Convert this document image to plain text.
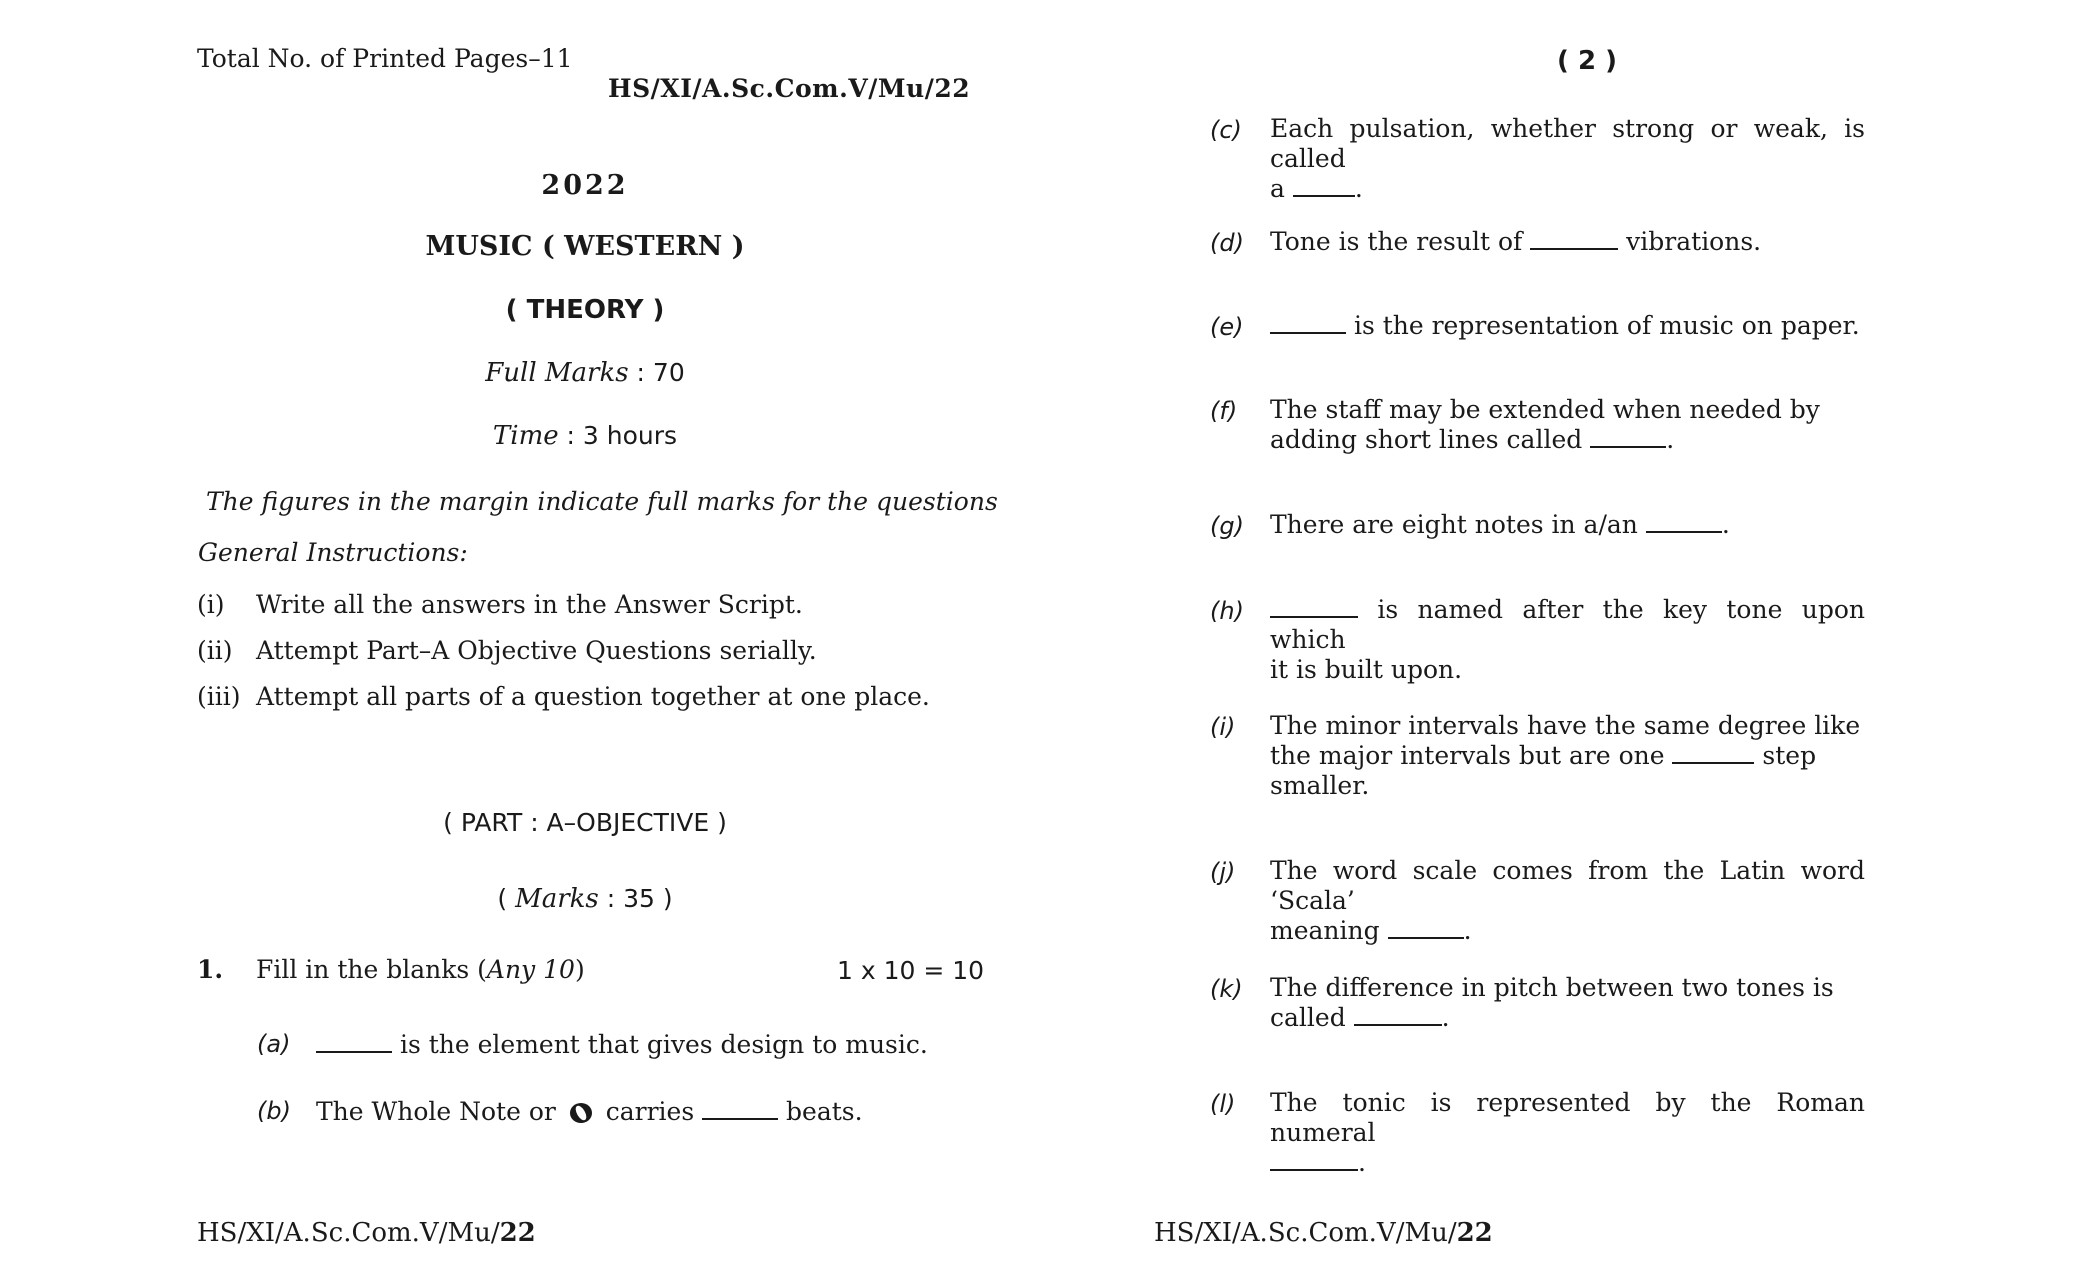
Total No. of Printed Pages–11
HS/XI/A.Sc.Com.V/Mu/22
2022
MUSIC ( WESTERN )
( THEORY )
Full Marks : 70
Time : 3 hours
The figures in the margin indicate full marks for the questions
General Instructions:
(i) Write all the answers in the Answer Script.
(ii) Attempt Part–A Objective Questions serially.
(iii) Attempt all parts of a question together at one place.
( PART : A–OBJECTIVE )
( Marks : 35 )
1. Fill in the blanks (Any 10)	1 x 10 = 10
(a)	is the element that gives design to music.
(b) The Whole Note or  carries	beats.
HS/XI/A.Sc.Com.V/Mu/22
( 2 )
(c) Each pulsation, whether strong or weak, is called
a .
(d) Tone is the result of	vibrations.
(e)	is the representation of music on paper.
(f) The staff may be extended when needed by
adding short lines called	.
(g) There are eight notes in a/an	.
(h)	is named after the key tone upon which
it is built upon.
(i) The minor intervals have the same degree like
the major intervals but are one	step
smaller.
(j) The word scale comes from the Latin word ‘Scala’
meaning	.
(k) The difference in pitch between two tones is
called	.
(l) The tonic is represented by the Roman numeral
.
HS/XI/A.Sc.Com.V/Mu/22
